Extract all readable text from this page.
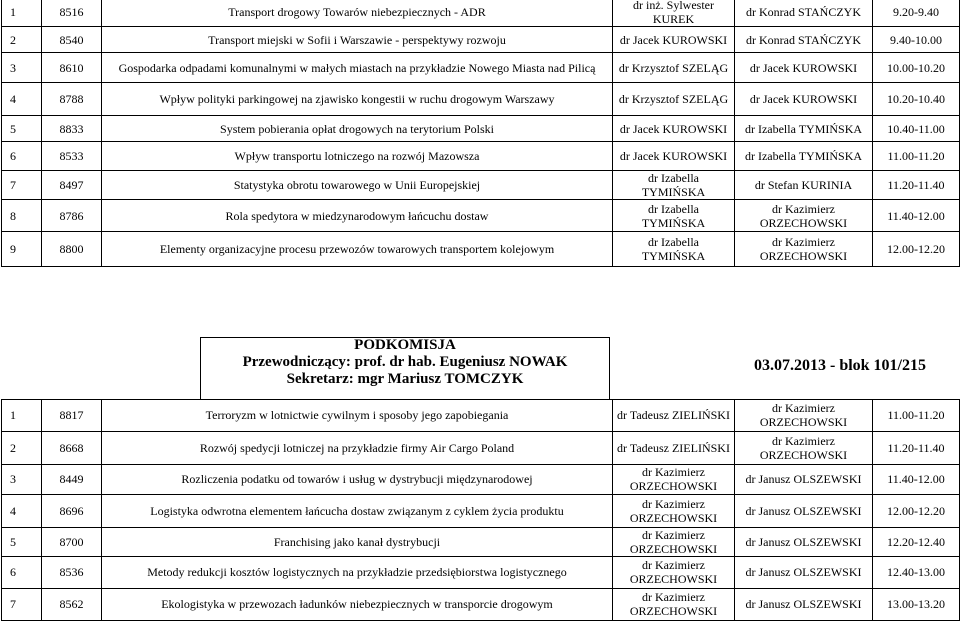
1	8516	Transport drogowy Towarów niebezpiecznych - ADR	dr inż. Sylwester KUREK	dr Konrad STAŃCZYK	9.20-9.40
2	8540	Transport miejski w Sofii i Warszawie - perspektywy rozwoju	dr Jacek KUROWSKI	dr Konrad STAŃCZYK	9.40-10.00
3	8610	Gospodarka odpadami komunalnymi w małych miastach na przykładzie Nowego Miasta nad Pilicą	dr Krzysztof SZELĄG	dr Jacek KUROWSKI	10.00-10.20
4	8788	Wpływ polityki parkingowej na zjawisko kongestii w ruchu drogowym Warszawy	dr Krzysztof SZELĄG	dr Jacek KUROWSKI	10.20-10.40
5	8833	System pobierania opłat drogowych na terytorium Polski	dr Jacek KUROWSKI	dr Izabella TYMIŃSKA	10.40-11.00
6	8533	Wpływ transportu lotniczego na rozwój Mazowsza	dr Jacek KUROWSKI	dr Izabella TYMIŃSKA	11.00-11.20
7	8497	Statystyka obrotu towarowego w Unii Europejskiej	dr Izabella TYMIŃSKA	dr Stefan KURINIA	11.20-11.40
8	8786	Rola spedytora w miedzynarodowym łańcuchu dostaw	dr Izabella TYMIŃSKA	dr Kazimierz ORZECHOWSKI	11.40-12.00
9	8800	Elementy organizacyjne procesu przewozów towarowych transportem kolejowym	dr Izabella TYMIŃSKA	dr Kazimierz ORZECHOWSKI	12.00-12.20

1	8817	Terroryzm w lotnictwie cywilnym i sposoby jego zapobiegania	dr Tadeusz ZIELIŃSKI	dr Kazimierz ORZECHOWSKI	11.00-11.20
2	8668	Rozwój spedycji lotniczej na przykładzie firmy Air Cargo Poland	dr Tadeusz ZIELIŃSKI	dr Kazimierz ORZECHOWSKI	11.20-11.40
3	8449	Rozliczenia podatku od towarów i usług w dystrybucji międzynarodowej	dr Kazimierz ORZECHOWSKI	dr Janusz OLSZEWSKI	11.40-12.00
4	8696	Logistyka odwrotna elementem łańcucha dostaw związanym z cyklem życia produktu	dr Kazimierz ORZECHOWSKI	dr Janusz OLSZEWSKI	12.00-12.20
5	8700	Franchising jako kanał dystrybucji	dr Kazimierz ORZECHOWSKI	dr Janusz OLSZEWSKI	12.20-12.40
6	8536	Metody redukcji kosztów logistycznych na przykładzie przedsiębiorstwa logistycznego	dr Kazimierz ORZECHOWSKI	dr Janusz OLSZEWSKI	12.40-13.00
7	8562	Ekologistyka w przewozach ładunków niebezpiecznych w transporcie drogowym	dr Kazimierz ORZECHOWSKI	dr Janusz OLSZEWSKI	13.00-13.20
PODKOMISJA
Przewodniczący: prof. dr hab. Eugeniusz NOWAK
Sekretarz: mgr Mariusz TOMCZYK
03.07.2013 - blok 101/215
